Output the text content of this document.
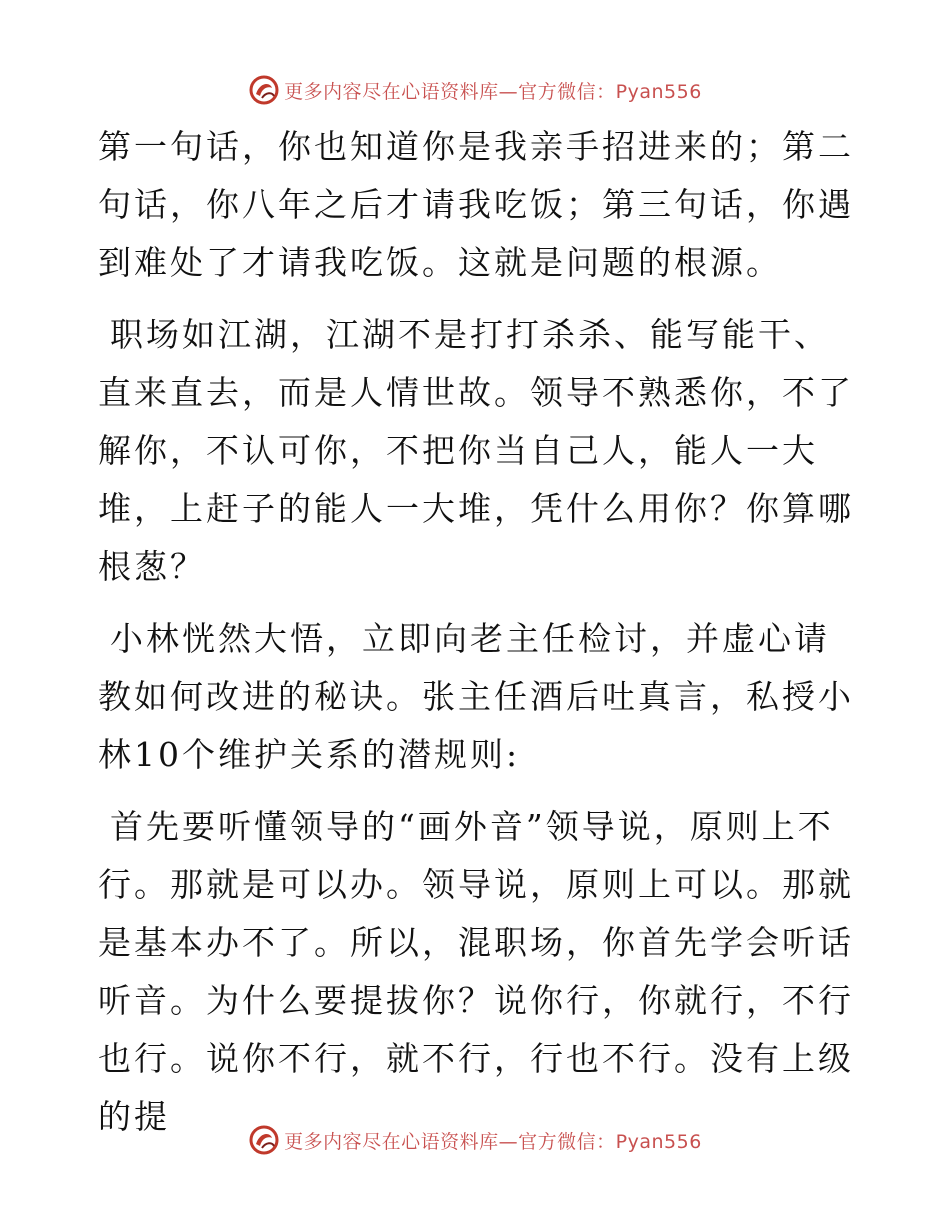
更多内容尽在心语资料库—官方微信：Pyan556

第一句话，你也知道你是我亲手招进来的；第二句话，你八年之后才请我吃饭；第三句话，你遇到难处了才请我吃饭。这就是问题的根源。

职场如江湖，江湖不是打打杀杀、能写能干、直来直去，而是人情世故。领导不熟悉你，不了解你，不认可你，不把你当自己人，能人一大堆，上赶子的能人一大堆，凭什么用你？你算哪根葱？

小林恍然大悟，立即向老主任检讨，并虚心请教如何改进的秘诀。张主任酒后吐真言，私授小林10个维护关系的潜规则:

首先要听懂领导的“画外音”领导说，原则上不行。那就是可以办。领导说，原则上可以。那就是基本办不了。所以，混职场，你首先学会听话听音。为什么要提拔你？说你行，你就行，不行也行。说你不行，就不行，行也不行。没有上级的提

更多内容尽在心语资料库—官方微信：Pyan556
